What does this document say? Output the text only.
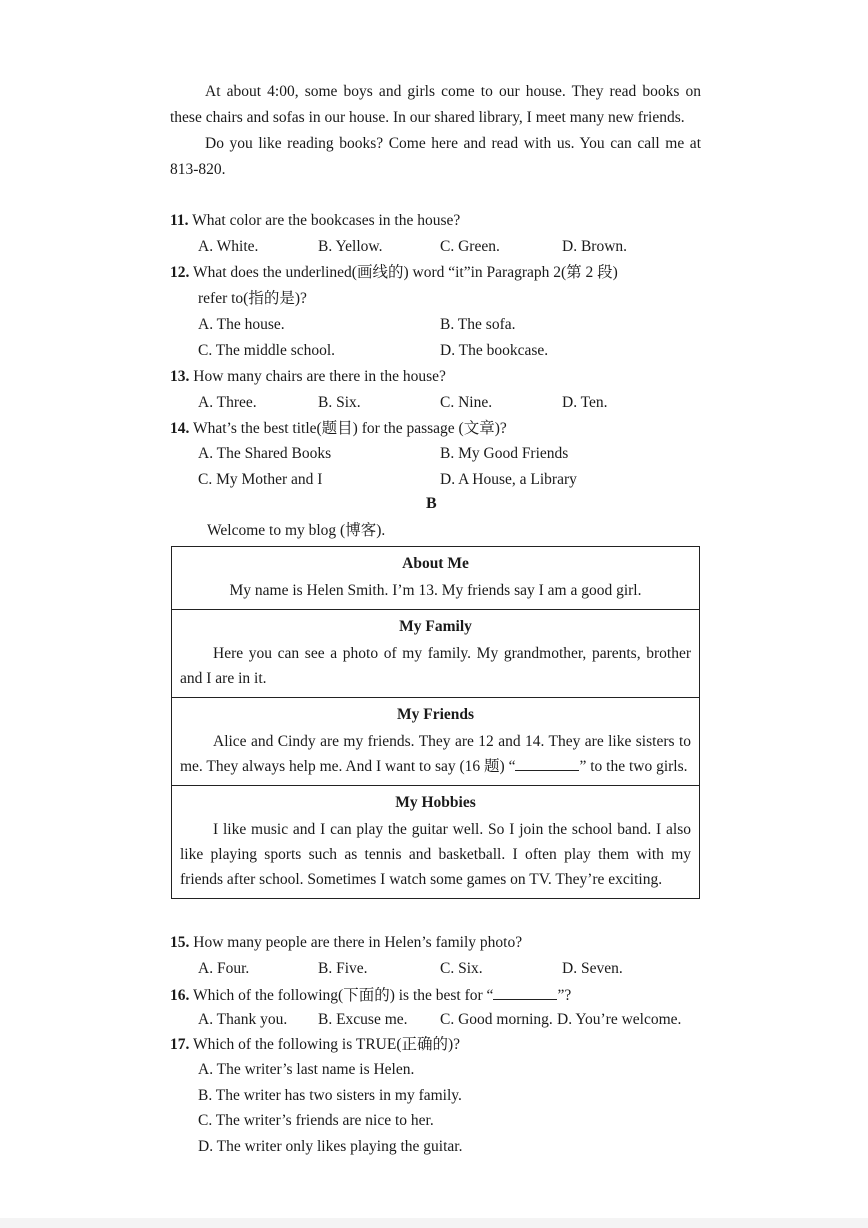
At about 4:00, some boys and girls come to our house. They read books on these chairs and sofas in our house. In our shared library, I meet many new friends.

Do you like reading books? Come here and read with us. You can call me at 813-820.

11. What color are the bookcases in the house?
A. White.	B. Yellow.	C. Green.	D. Brown.
12. What does the underlined(画线的) word “it”in Paragraph 2(第 2 段)
refer to(指的是)?
A. The house.	B. The sofa.
C. The middle school.	D. The bookcase.
13. How many chairs are there in the house?
A. Three.	B. Six.	C. Nine.	D. Ten.
14. What’s the best title(题目) for the passage (文章)?
A. The Shared Books	B. My Good Friends
C. My Mother and I	D. A House, a Library
B
Welcome to my blog (博客).
About Me
My name is Helen Smith. I’m 13. My friends say I am a good girl.
My Family
Here you can see a photo of my family. My grandmother, parents, brother and I are in it.
My Friends
Alice and Cindy are my friends. They are 12 and 14. They are like sisters to me. They always help me. And I want to say (16 题) “	” to the two girls.
My Hobbies
I like music and I can play the guitar well. So I join the school band. I also like playing sports such as tennis and basketball. I often play them with my friends after school. Sometimes I watch some games on TV. They’re exciting.
15. How many people are there in Helen’s family photo?
A. Four.	B. Five.	C. Six.	D. Seven.
16. Which of the following(下面的) is the best for “	”?
A. Thank you. B. Excuse me. C. Good morning. D. You’re welcome.
17. Which of the following is TRUE(正确的)?
A. The writer’s last name is Helen.
B. The writer has two sisters in my family.
C. The writer’s friends are nice to her.
D. The writer only likes playing the guitar.
